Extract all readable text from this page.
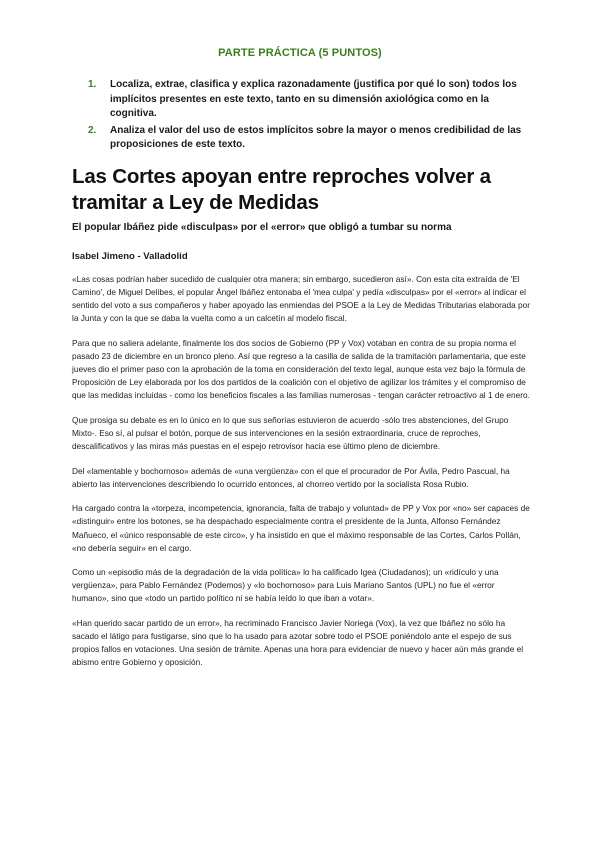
PARTE PRÁCTICA (5 PUNTOS)
1. Localiza, extrae, clasifica y explica razonadamente (justifica por qué lo son) todos los implícitos presentes en este texto, tanto en su dimensión axiológica como en la cognitiva.
2. Analiza el valor del uso de estos implícitos sobre la mayor o menos credibilidad de las proposiciones de este texto.
Las Cortes apoyan entre reproches volver a tramitar a Ley de Medidas
El popular Ibáñez pide «disculpas» por el «error» que obligó a tumbar su norma
Isabel Jimeno - Valladolid

«Las cosas podrían haber sucedido de cualquier otra manera; sin embargo, sucedieron así». Con esta cita extraída de 'El Camino', de Miguel Delibes, el popular Ángel Ibáñez entonaba el 'mea culpa' y pedía «disculpas» por el «error» al indicar el sentido del voto a sus compañeros y haber apoyado las enmiendas del PSOE a la Ley de Medidas Tributarias elaborada por la Junta y con la que se daba la vuelta como a un calcetín al modelo fiscal.

Para que no saliera adelante, finalmente los dos socios de Gobierno (PP y Vox) votaban en contra de su propia norma el pasado 23 de diciembre en un bronco pleno. Así que regreso a la casilla de salida de la tramitación parlamentaria, que este jueves dio el primer paso con la aprobación de la toma en consideración del texto legal, aunque esta vez bajo la fórmula de Proposición de Ley elaborada por los dos partidos de la coalición con el objetivo de agilizar los trámites y el compromiso de que las medidas incluidas - como los beneficios fiscales a las familias numerosas - tengan carácter retroactivo al 1 de enero.

Que prosiga su debate es en lo único en lo que sus señorías estuvieron de acuerdo -sólo tres abstenciones, del Grupo Mixto-. Eso sí, al pulsar el botón, porque de sus intervenciones en la sesión extraordinaria, cruce de reproches, descalificativos y las miras más puestas en el espejo retrovisor hacia ese último pleno de diciembre.

Del «lamentable y bochornoso» además de «una vergüenza» con el que el procurador de Por Ávila, Pedro Pascual, ha abierto las intervenciones describiendo lo ocurrido entonces, al chorreo vertido por la socialista Rosa Rubio.

Ha cargado contra la «torpeza, incompetencia, ignorancia, falta de trabajo y voluntad» de PP y Vox por «no» ser capaces de «distinguir» entre los botones, se ha despachado especialmente contra el presidente de la Junta, Alfonso Fernández Mañueco, el «único responsable de este circo», y ha insistido en que el máximo responsable de las Cortes, Carlos Pollán, «no debería seguir» en el cargo.

Como un «episodio más de la degradación de la vida política» lo ha calificado Igea (Ciudadanos); un «ridículo y una vergüenza», para Pablo Fernández (Podemos) y «lo bochornoso» para Luis Mariano Santos (UPL) no fue el «error humano», sino que «todo un partido político ni se había leído lo que iban a votar».

«Han querido sacar partido de un error», ha recriminado Francisco Javier Noriega (Vox), la vez que Ibáñez no sólo ha sacado el látigo para fustigarse, sino que lo ha usado para azotar sobre todo el PSOE poniéndolo ante el espejo de sus propios fallos en votaciones. Una sesión de trámite. Apenas una hora para evidenciar de nuevo y hacer aún más grande el abismo entre Gobierno y oposición.
